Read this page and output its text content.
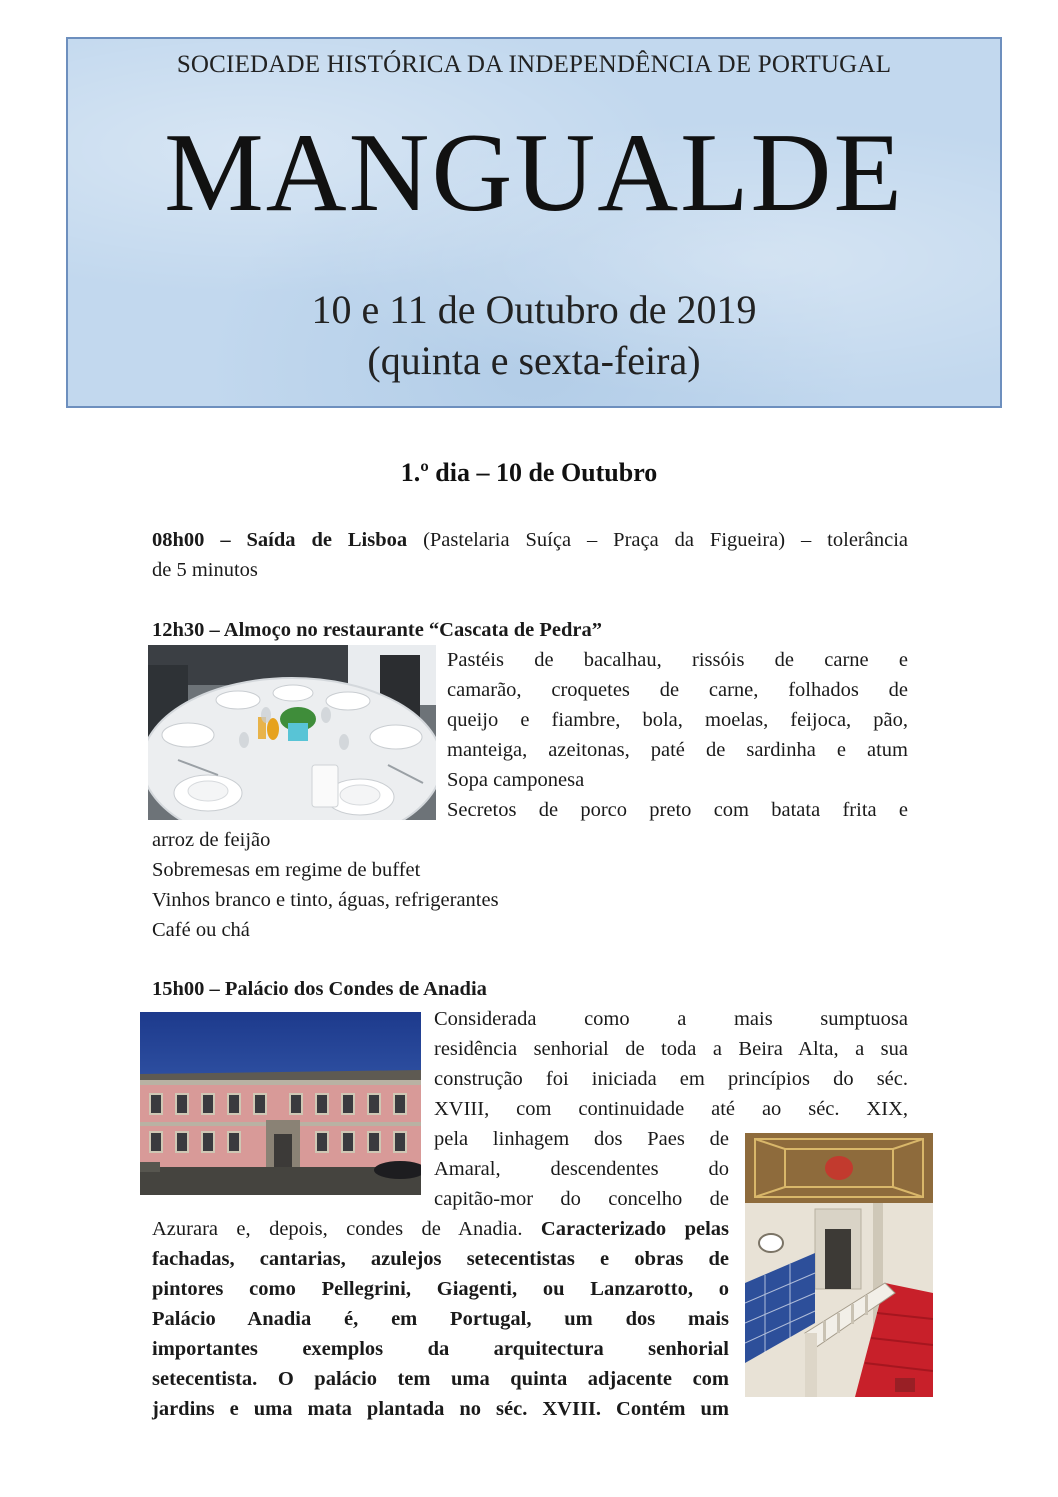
SOCIEDADE HISTÓRICA DA INDEPENDÊNCIA DE PORTUGAL
MANGUALDE
10 e 11 de Outubro de 2019
(quinta e sexta-feira)
1.º dia – 10 de Outubro
08h00 – Saída de Lisboa (Pastelaria Suíça – Praça da Figueira) – tolerância
de 5 minutos
12h30 – Almoço no restaurante “Cascata de Pedra”
Pastéis de bacalhau, rissóis de carne e
camarão, croquetes de carne, folhados de
queijo e fiambre, bola, moelas, feijoca, pão,
manteiga, azeitonas, paté de sardinha e atum
Sopa camponesa
Secretos de porco preto com batata frita e
arroz de feijão
Sobremesas em regime de buffet
Vinhos branco e tinto, águas, refrigerantes
Café ou chá
15h00 – Palácio dos Condes de Anadia
Considerada como a mais sumptuosa
residência senhorial de toda a Beira Alta, a sua
construção foi iniciada em princípios do séc.
XVIII, com continuidade até ao séc. XIX,
pela linhagem dos Paes de
Amaral, descendentes do
capitão-mor do concelho de
Azurara e, depois, condes de Anadia. Caracterizado pelas
fachadas, cantarias, azulejos setecentistas e obras de
pintores como Pellegrini, Giagenti, ou Lanzarotto, o
Palácio Anadia é, em Portugal, um dos mais
importantes exemplos da arquitectura senhorial
setecentista. O palácio tem uma quinta adjacente com
jardins e uma mata plantada no séc. XVIII. Contém um
